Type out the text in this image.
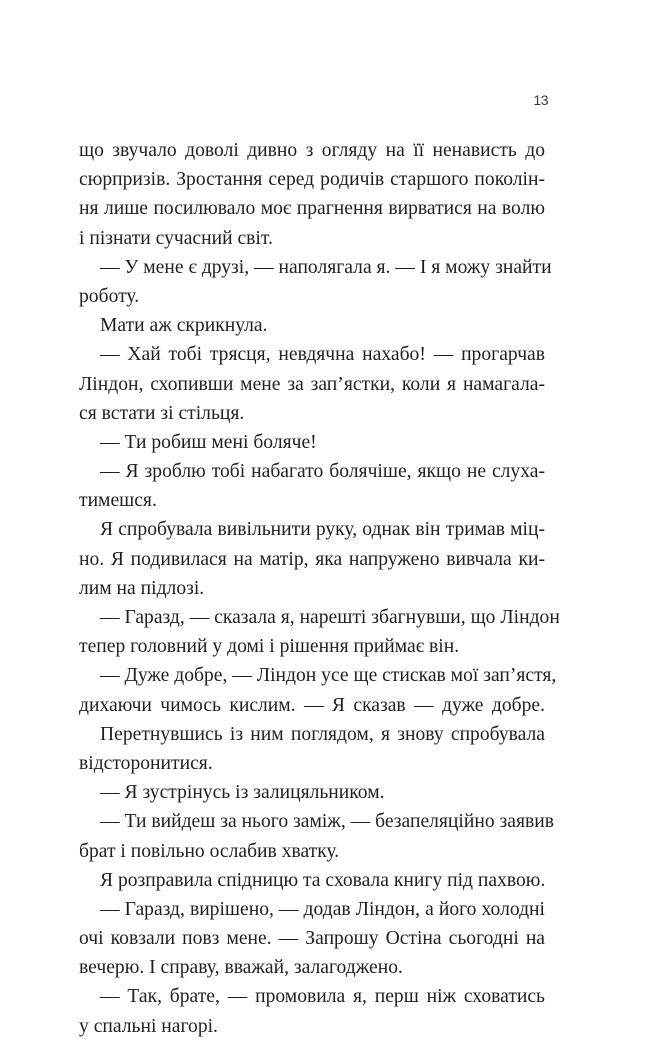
13
що звучало доволі дивно з огляду на її ненависть до
сюрпризів. Зростання серед родичів старшого поколін-
ня лише посилювало моє прагнення вирватися на волю
і пізнати сучасний світ.
— У мене є друзі, — наполягала я. — І я можу знайти
роботу.
Мати аж скрикнула.
— Хай тобі трясця, невдячна нахабо! — прогарчав
Ліндон, схопивши мене за зап’ястки, коли я намагала-
ся встати зі стільця.
— Ти робиш мені боляче!
— Я зроблю тобі набагато болячіше, якщо не слуха-
тимешся.
Я спробувала вивільнити руку, однак він тримав міц-
но. Я подивилася на матір, яка напружено вивчала ки-
лим на підлозі.
— Гаразд, — сказала я, нарешті збагнувши, що Ліндон
тепер головний у домі і рішення приймає він.
— Дуже добре, — Ліндон усе ще стискав мої зап’ястя,
дихаючи чимось кислим. — Я сказав — дуже добре.
Перетнувшись із ним поглядом, я знову спробувала
відсторонитися.
— Я зустрінусь із залицяльником.
— Ти вийдеш за нього заміж, — безапеляційно заявив
брат і повільно ослабив хватку.
Я розправила спідницю та сховала книгу під пахвою.
— Гаразд, вирішено, — додав Ліндон, а його холодні
очі ковзали повз мене. — Запрошу Остіна сьогодні на
вечерю. І справу, вважай, залагоджено.
— Так, брате, — промовила я, перш ніж сховатись
у спальні нагорі.
